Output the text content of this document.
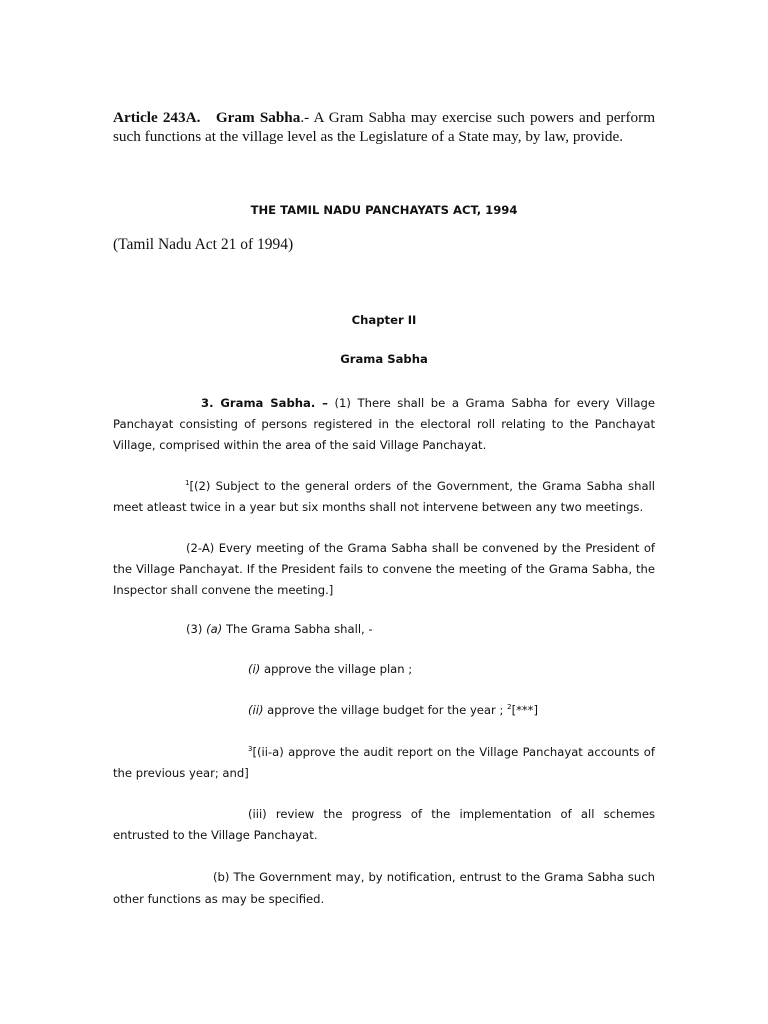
Article 243A. Gram Sabha.- A Gram Sabha may exercise such powers and perform
such functions at the village level as the Legislature of a State may, by law, provide.
THE TAMIL NADU PANCHAYATS ACT, 1994
(Tamil Nadu Act 21 of 1994)
Chapter II
Grama Sabha
3. Grama Sabha. – (1) There shall be a Grama Sabha for every Village
Panchayat consisting of persons registered in the electoral roll relating to the Panchayat
Village, comprised within the area of the said Village Panchayat.
$^1$[(2) Subject to the general orders of the Government, the Grama Sabha shall
meet atleast twice in a year but six months shall not intervene between any two meetings.
(2-A) Every meeting of the Grama Sabha shall be convened by the President of
the Village Panchayat. If the President fails to convene the meeting of the Grama Sabha, the
Inspector shall convene the meeting.]
(3) (a) The Grama Sabha shall, -
(i) approve the village plan ;
(ii) approve the village budget for the year ; $^2$[***]
$^3$[(ii-a) approve the audit report on the Village Panchayat accounts of
the previous year; and]
(iii) review the progress of the implementation of all schemes
entrusted to the Village Panchayat.
(b) The Government may, by notification, entrust to the Grama Sabha such
other functions as may be specified.
